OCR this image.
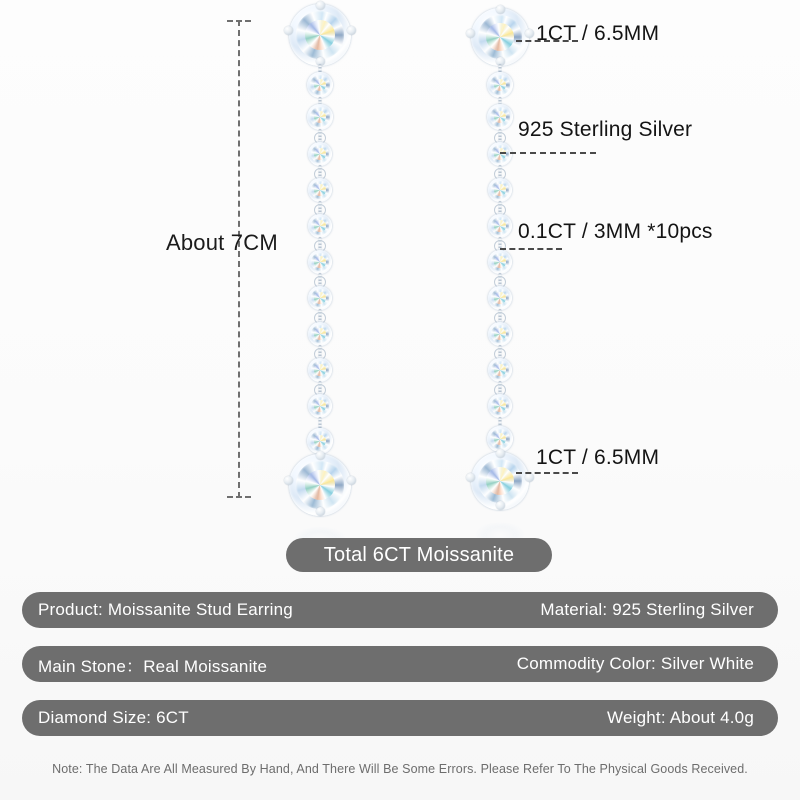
About 7CM
1CT / 6.5MM
925 Sterling Silver
0.1CT / 3MM *10pcs
1CT / 6.5MM
Total 6CT Moissanite
Product: Moissanite Stud Earring	Material: 925 Sterling Silver
Main Stone：Real Moissanite	Commodity Color: Silver White
Diamond Size: 6CT	Weight: About 4.0g
Note: The Data Are All Measured By Hand, And There Will Be Some Errors. Please Refer To The Physical Goods Received.
